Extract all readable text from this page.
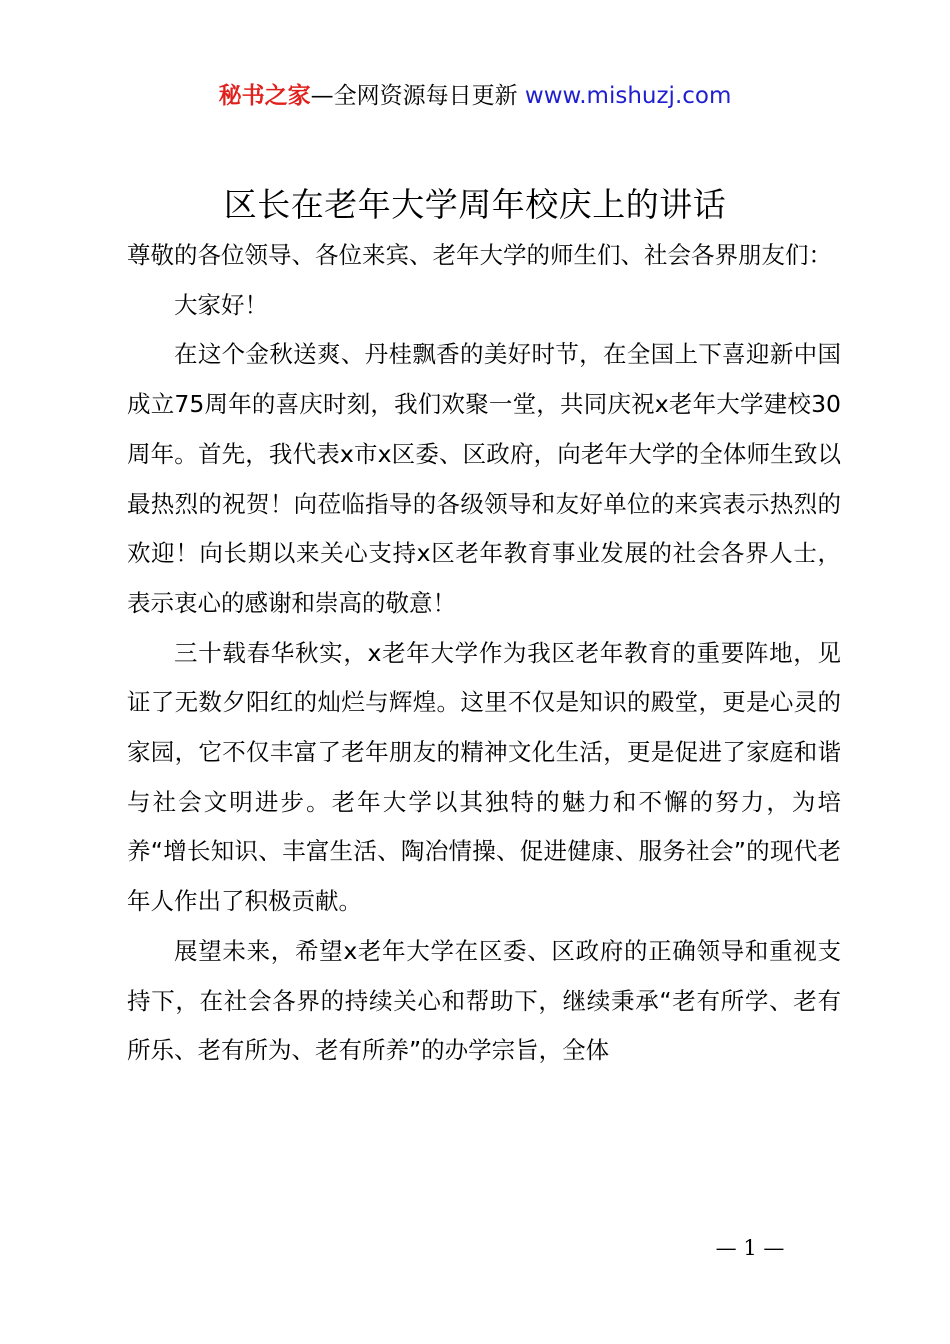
秘书之家—全网资源每日更新 www.mishuzj.com
区长在老年大学周年校庆上的讲话

尊敬的各位领导、各位来宾、老年大学的师生们、社会各界朋友们：

大家好！

在这个金秋送爽、丹桂飘香的美好时节，在全国上下喜迎新中国成立75周年的喜庆时刻，我们欢聚一堂，共同庆祝x老年大学建校30周年。首先，我代表x市x区委、区政府，向老年大学的全体师生致以最热烈的祝贺！向莅临指导的各级领导和友好单位的来宾表示热烈的欢迎！向长期以来关心支持x区老年教育事业发展的社会各界人士，表示衷心的感谢和崇高的敬意！

三十载春华秋实，x老年大学作为我区老年教育的重要阵地，见证了无数夕阳红的灿烂与辉煌。这里不仅是知识的殿堂，更是心灵的家园，它不仅丰富了老年朋友的精神文化生活，更是促进了家庭和谐与社会文明进步。老年大学以其独特的魅力和不懈的努力，为培养“增长知识、丰富生活、陶冶情操、促进健康、服务社会”的现代老年人作出了积极贡献。

展望未来，希望x老年大学在区委、区政府的正确领导和重视支持下，在社会各界的持续关心和帮助下，继续秉承“老有所学、老有所乐、老有所为、老有所养”的办学宗旨，全体

— 1 —
